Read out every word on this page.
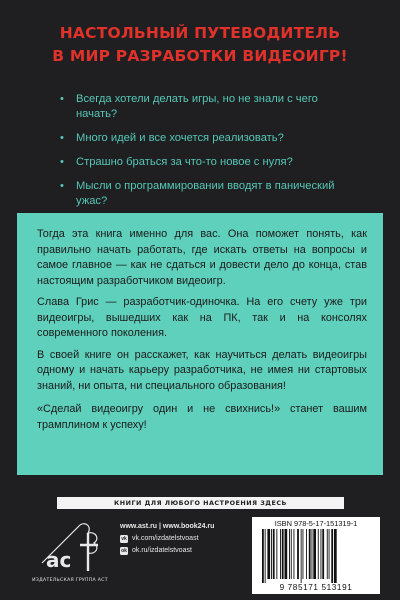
НАСТОЛЬНЫЙ ПУТЕВОДИТЕЛЬ
В МИР РАЗРАБОТКИ ВИДЕОИГР!
• Всегда хотели делать игры, но не знали с чего начать?
• Много идей и все хочется реализовать?
• Страшно браться за что-то новое с нуля?
• Мысли о программировании вводят в панический ужас?

Тогда эта книга именно для вас. Она поможет понять, как правильно начать работать, где искать ответы на вопросы и самое главное — как не сдаться и довести дело до конца, став настоящим разработчиком видеоигр.

Слава Грис — разработчик-одиночка. На его счету уже три видеоигры, вышедших как на ПК, так и на консолях современного поколения.

В своей книге он расскажет, как научиться делать видеоигры одному и начать карьеру разработчика, не имея ни стартовых знаний, ни опыта, ни специального образования!

«Сделай видеоигру один и не свихнись!» станет вашим трамплином к успеху!

КНИГИ ДЛЯ ЛЮБОГО НАСТРОЕНИЯ ЗДЕСЬ
ac
ИЗДАТЕЛЬСКАЯ ГРУППА АСТ
www.ast.ru | www.book24.ru
vk vk.com/izdatelstvoast
ok ok.ru/izdatelstvoast
ISBN 978-5-17-151319-1
9 785171 513191
